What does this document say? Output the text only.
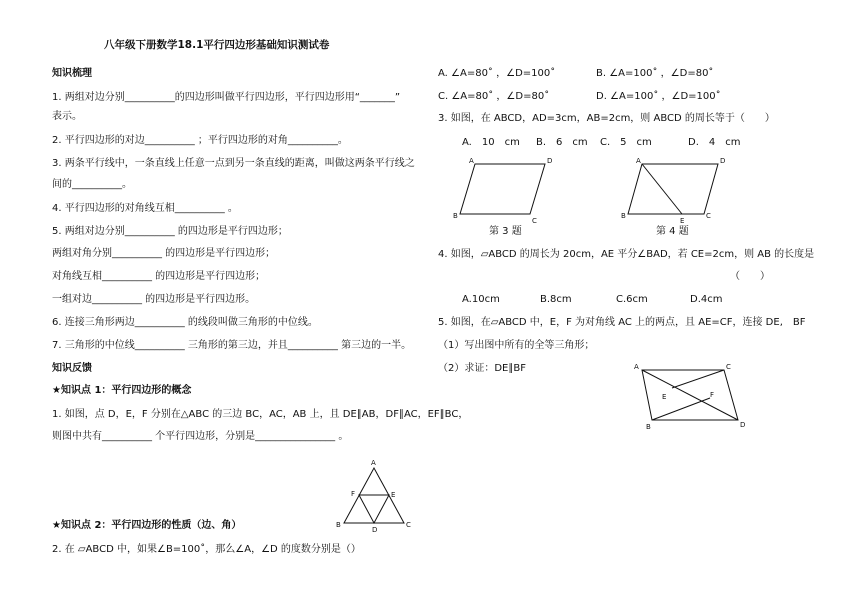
八年级下册数学18.1平行四边形基础知识测试卷
知识梳理
1. 两组对边分别__________的四边形叫做平行四边形，平行四边形用“_______”
表示。
2. 平行四边形的对边__________ ；平行四边形的对角__________。
3. 两条平行线中，一条直线上任意一点到另一条直线的距离，叫做这两条平行线之
间的__________。
4. 平行四边形的对角线互相__________ 。
5. 两组对边分别__________ 的四边形是平行四边形；
两组对角分别__________ 的四边形是平行四边形；
对角线互相__________ 的四边形是平行四边形；
一组对边__________ 的四边形是平行四边形。
6. 连接三角形两边__________ 的线段叫做三角形的中位线。
7. 三角形的中位线__________ 三角形的第三边，并且__________ 第三边的一半。
知识反馈
★知识点 1：平行四边形的概念
1. 如图，点 D，E，F 分别在△ABC 的三边 BC，AC，AB 上，且 DE∥AB，DF∥AC，EF∥BC，
则图中共有__________ 个平行四边形，分别是________________ 。
★知识点 2：平行四边形的性质（边、角）
2. 在 ▱ABCD 中，如果∠B=100˚，那么∠A，∠D 的度数分别是（）
A
B	C
D
E
F
A. ∠A=80˚ ，∠D=100˚	B. ∠A=100˚ ，∠D=80˚
C. ∠A=80˚ ，∠D=80˚	D. ∠A=100˚ ，∠D=100˚
3. 如图，在 ABCD，AD=3cm，AB=2cm，则 ABCD 的周长等于（　　）
A.　10　cm B.　6　cm C.　5　cm	D.　4　cm
A	D
B
C
A	D
B	C
E
第 3 题	第 4 题
4. 如图，▱ABCD 的周长为 20cm，AE 平分∠BAD，若 CE=2cm，则 AB 的长度是
（　　）
A.10cm	B.8cm	C.6cm	D.4cm
5. 如图，在▱ABCD 中，E，F 为对角线 AC 上的两点，且 AE=CF，连接 DE,　BF
（1）写出图中所有的全等三角形；
（2）求证：DE∥BF	A	C
B	D
E	F
